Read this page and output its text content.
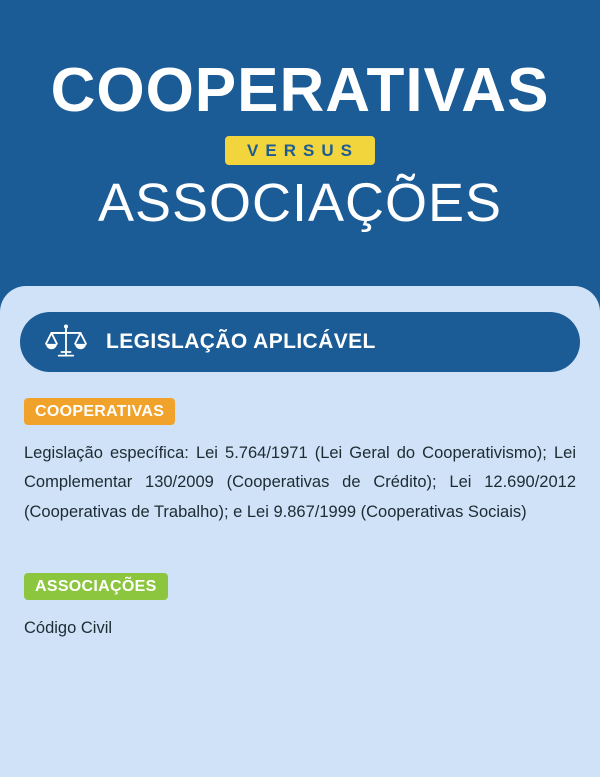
COOPERATIVAS
VERSUS
ASSOCIAÇÕES
LEGISLAÇÃO APLICÁVEL
COOPERATIVAS

Legislação específica: Lei 5.764/1971 (Lei Geral do Cooperativismo); Lei Complementar 130/2009 (Cooperativas de Crédito); Lei 12.690/2012 (Cooperativas de Trabalho); e Lei 9.867/1999 (Cooperativas Sociais)

ASSOCIAÇÕES

Código Civil
